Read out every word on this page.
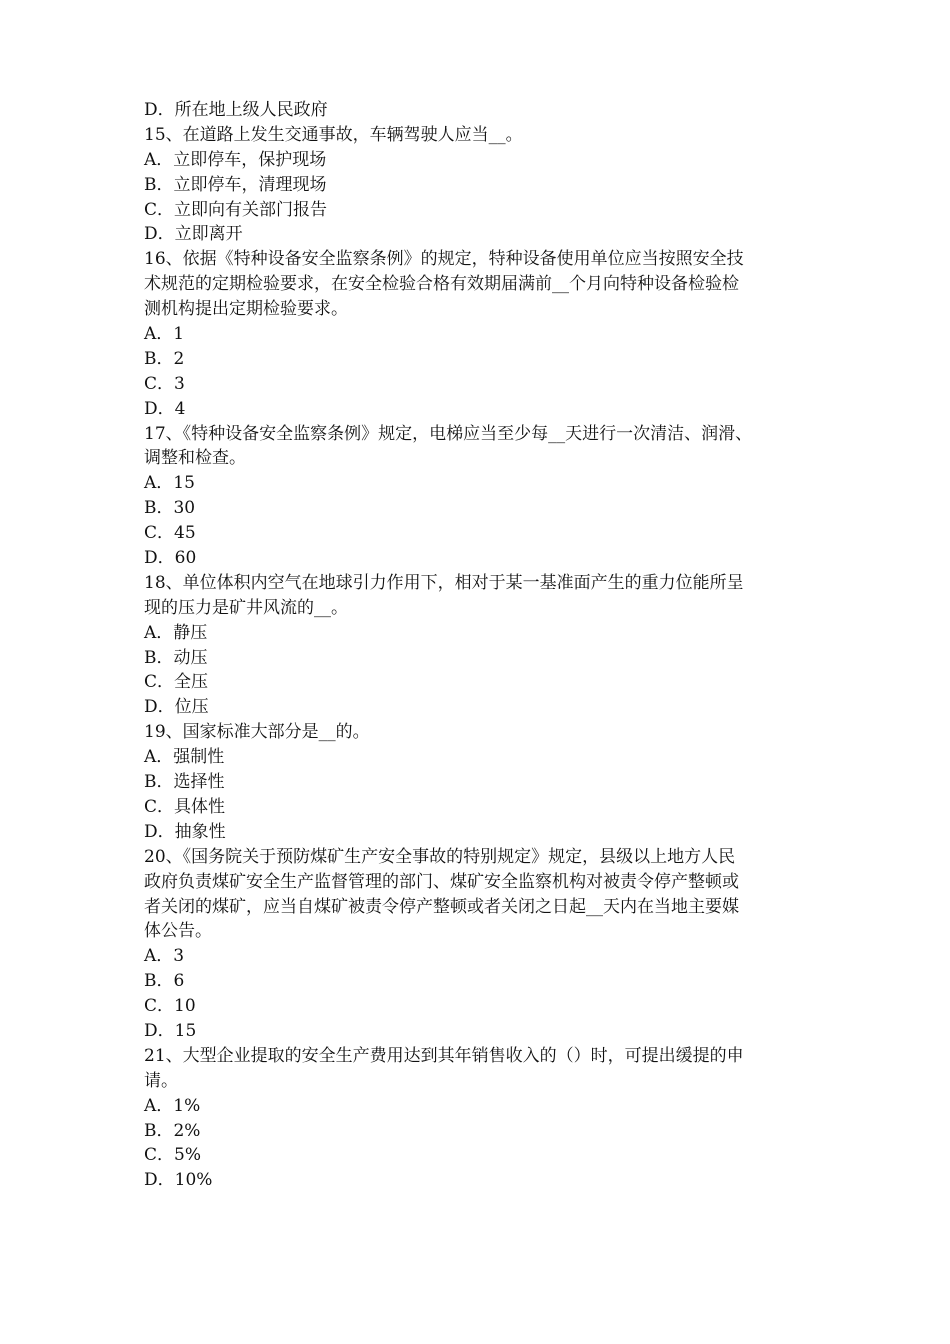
D．所在地上级人民政府
15、在道路上发生交通事故，车辆驾驶人应当__。
A．立即停车，保护现场
B．立即停车，清理现场
C．立即向有关部门报告
D．立即离开
16、依据《特种设备安全监察条例》的规定，特种设备使用单位应当按照安全技
术规范的定期检验要求，在安全检验合格有效期届满前__个月向特种设备检验检
测机构提出定期检验要求。
A．1
B．2
C．3
D．4
17、《特种设备安全监察条例》规定，电梯应当至少每__天进行一次清洁、润滑、
调整和检查。
A．15
B．30
C．45
D．60
18、单位体积内空气在地球引力作用下，相对于某一基准面产生的重力位能所呈
现的压力是矿井风流的__。
A．静压
B．动压
C．全压
D．位压
19、国家标准大部分是__的。
A．强制性
B．选择性
C．具体性
D．抽象性
20、《国务院关于预防煤矿生产安全事故的特别规定》规定，县级以上地方人民
政府负责煤矿安全生产监督管理的部门、煤矿安全监察机构对被责令停产整顿或
者关闭的煤矿，应当自煤矿被责令停产整顿或者关闭之日起__天内在当地主要媒
体公告。
A．3
B．6
C．10
D．15
21、大型企业提取的安全生产费用达到其年销售收入的（）时，可提出缓提的申
请。
A．1%
B．2%
C．5%
D．10%
